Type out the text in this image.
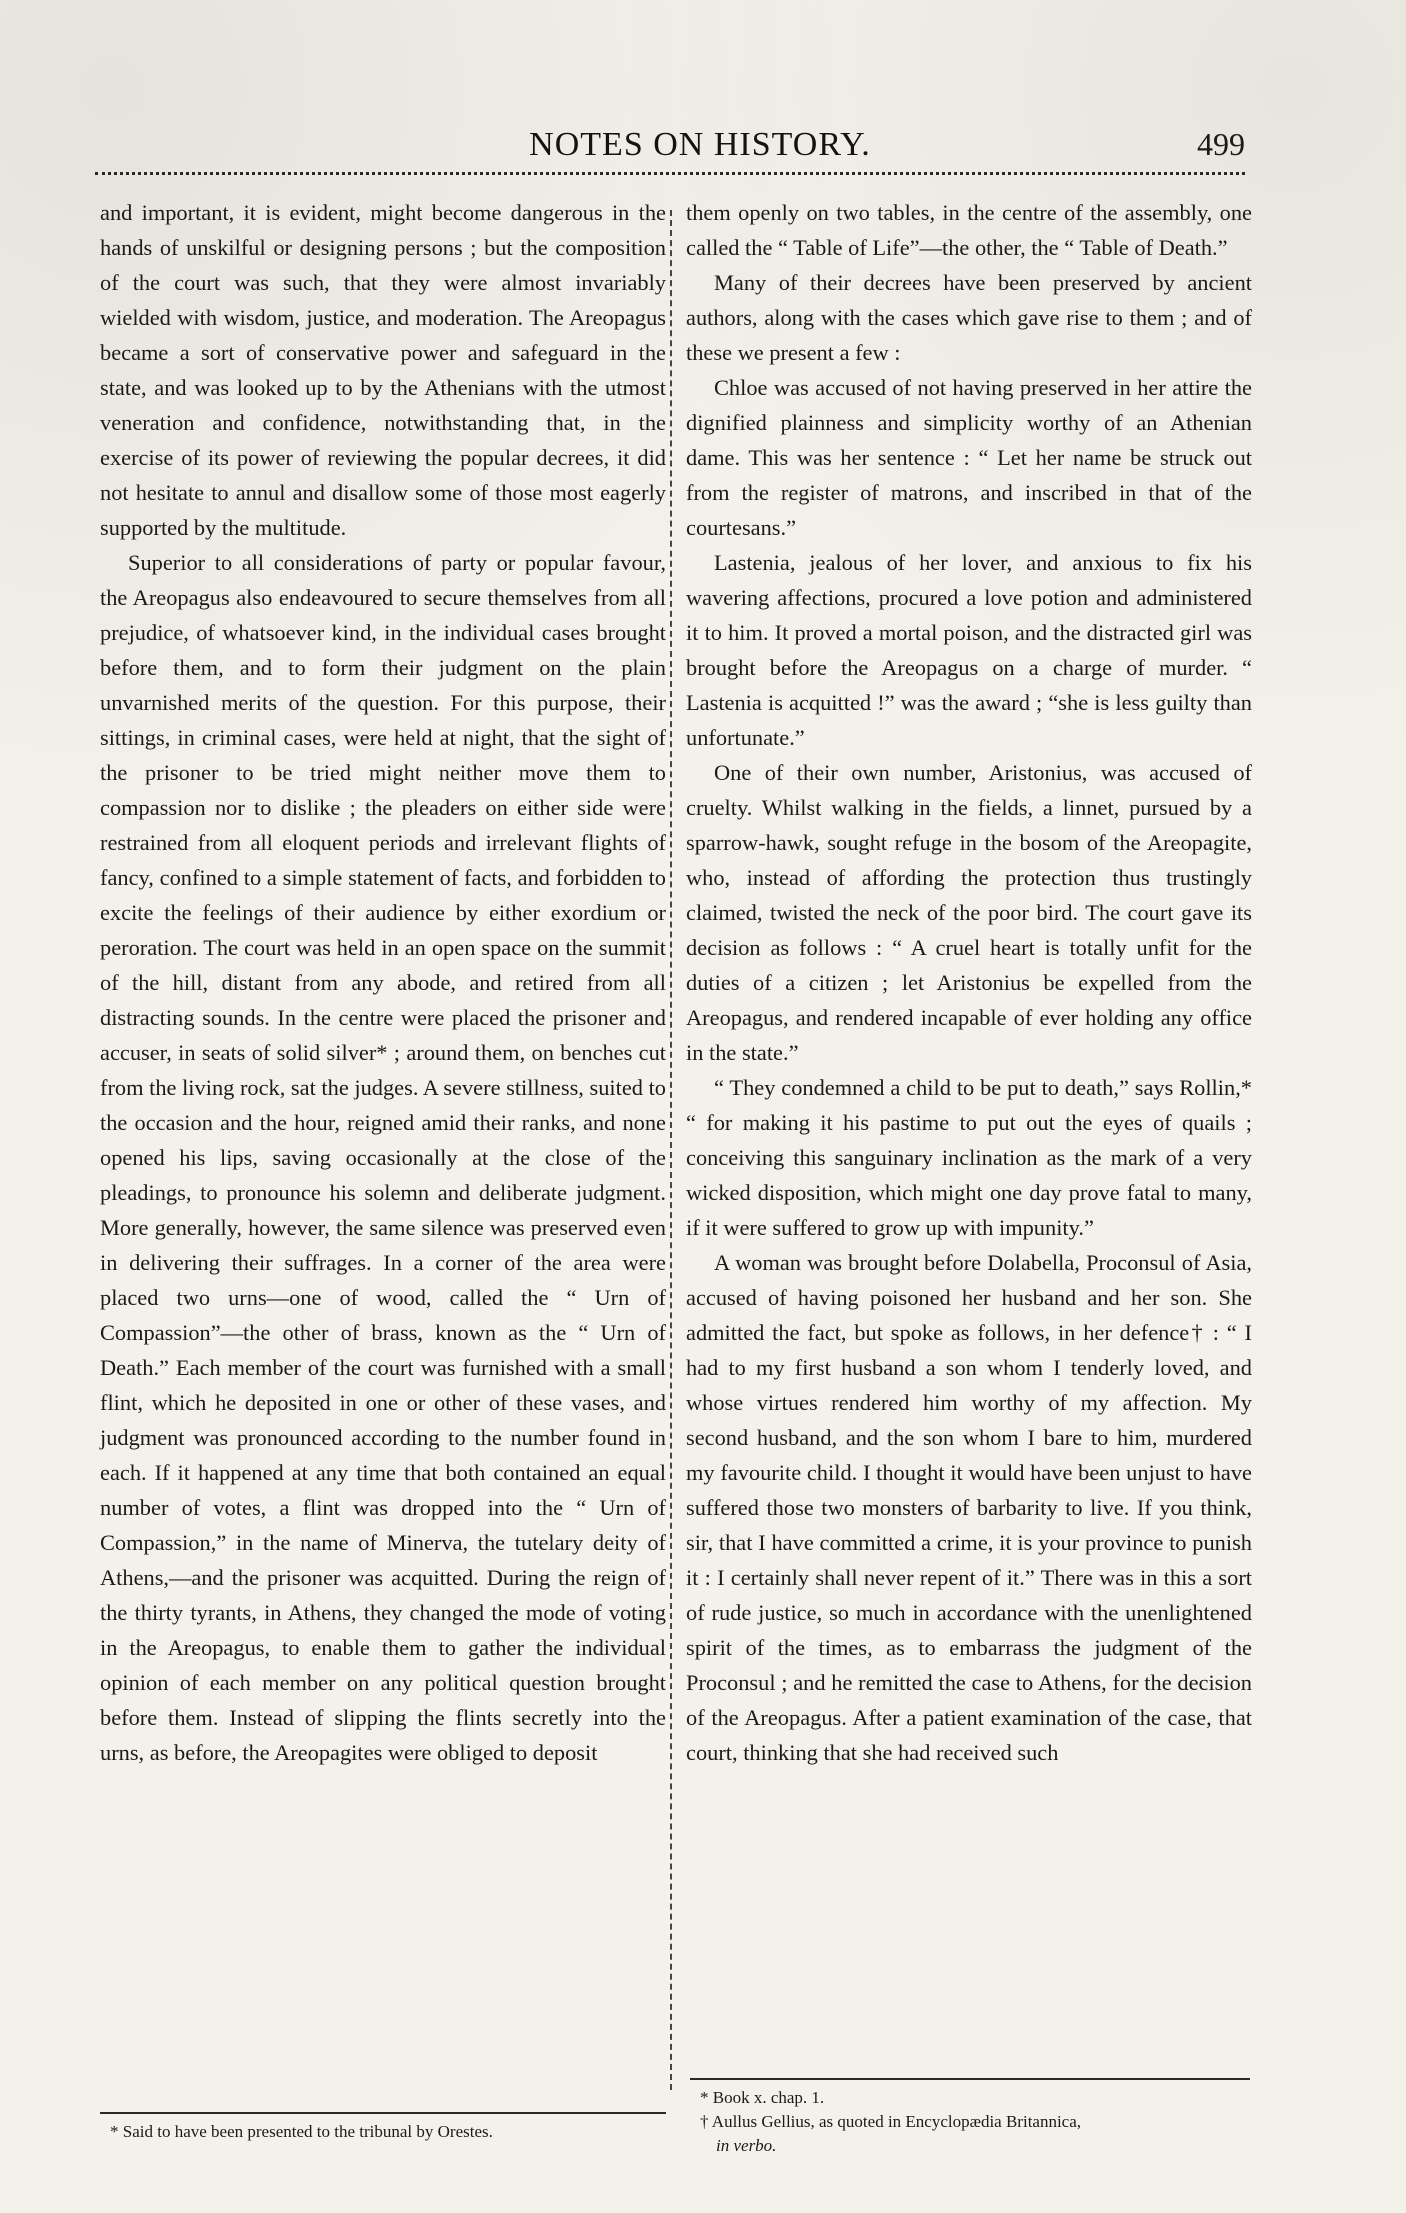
NOTES ON HISTORY.	499

and important, it is evident, might become dangerous in the hands of unskilful or designing persons ; but the composition of the court was such, that they were almost invariably wielded with wisdom, justice, and moderation. The Areopagus became a sort of conservative power and safeguard in the state, and was looked up to by the Athenians with the utmost veneration and confidence, notwithstanding that, in the exercise of its power of reviewing the popular decrees, it did not hesitate to annul and disallow some of those most eagerly supported by the multitude.

Superior to all considerations of party or popular favour, the Areopagus also endeavoured to secure themselves from all prejudice, of whatsoever kind, in the individual cases brought before them, and to form their judgment on the plain unvarnished merits of the question. For this purpose, their sittings, in criminal cases, were held at night, that the sight of the prisoner to be tried might neither move them to compassion nor to dislike ; the pleaders on either side were restrained from all eloquent periods and irrelevant flights of fancy, confined to a simple statement of facts, and forbidden to excite the feelings of their audience by either exordium or peroration. The court was held in an open space on the summit of the hill, distant from any abode, and retired from all distracting sounds. In the centre were placed the prisoner and accuser, in seats of solid silver* ; around them, on benches cut from the living rock, sat the judges. A severe stillness, suited to the occasion and the hour, reigned amid their ranks, and none opened his lips, saving occasionally at the close of the pleadings, to pronounce his solemn and deliberate judgment. More generally, however, the same silence was preserved even in delivering their suffrages. In a corner of the area were placed two urns—one of wood, called the “ Urn of Compassion”—the other of brass, known as the “ Urn of Death.” Each member of the court was furnished with a small flint, which he deposited in one or other of these vases, and judgment was pronounced according to the number found in each. If it happened at any time that both contained an equal number of votes, a flint was dropped into the “ Urn of Compassion,” in the name of Minerva, the tutelary deity of Athens,—and the prisoner was acquitted. During the reign of the thirty tyrants, in Athens, they changed the mode of voting in the Areopagus, to enable them to gather the individual opinion of each member on any political question brought before them. Instead of slipping the flints secretly into the urns, as before, the Areopagites were obliged to deposit

them openly on two tables, in the centre of the assembly, one called the “ Table of Life”—the other, the “ Table of Death.”

Many of their decrees have been preserved by ancient authors, along with the cases which gave rise to them ; and of these we present a few :

Chloe was accused of not having preserved in her attire the dignified plainness and simplicity worthy of an Athenian dame. This was her sentence : “ Let her name be struck out from the register of matrons, and inscribed in that of the courtesans.”

Lastenia, jealous of her lover, and anxious to fix his wavering affections, procured a love potion and administered it to him. It proved a mortal poison, and the distracted girl was brought before the Areopagus on a charge of murder. “ Lastenia is acquitted !” was the award ; “she is less guilty than unfortunate.”

One of their own number, Aristonius, was accused of cruelty. Whilst walking in the fields, a linnet, pursued by a sparrow-hawk, sought refuge in the bosom of the Areopagite, who, instead of affording the protection thus trustingly claimed, twisted the neck of the poor bird. The court gave its decision as follows : “ A cruel heart is totally unfit for the duties of a citizen ; let Aristonius be expelled from the Areopagus, and rendered incapable of ever holding any office in the state.”

“ They condemned a child to be put to death,” says Rollin,* “ for making it his pastime to put out the eyes of quails ; conceiving this sanguinary inclination as the mark of a very wicked disposition, which might one day prove fatal to many, if it were suffered to grow up with impunity.”

A woman was brought before Dolabella, Proconsul of Asia, accused of having poisoned her husband and her son. She admitted the fact, but spoke as follows, in her defence† : “ I had to my first husband a son whom I tenderly loved, and whose virtues rendered him worthy of my affection. My second husband, and the son whom I bare to him, murdered my favourite child. I thought it would have been unjust to have suffered those two monsters of barbarity to live. If you think, sir, that I have committed a crime, it is your province to punish it : I certainly shall never repent of it.” There was in this a sort of rude justice, so much in accordance with the unenlightened spirit of the times, as to embarrass the judgment of the Proconsul ; and he remitted the case to Athens, for the decision of the Areopagus. After a patient examination of the case, that court, thinking that she had received such

* Said to have been presented to the tribunal by Orestes.

* Book x. chap. 1.

† Aullus Gellius, as quoted in Encyclopædia Britannica,

in verbo.
